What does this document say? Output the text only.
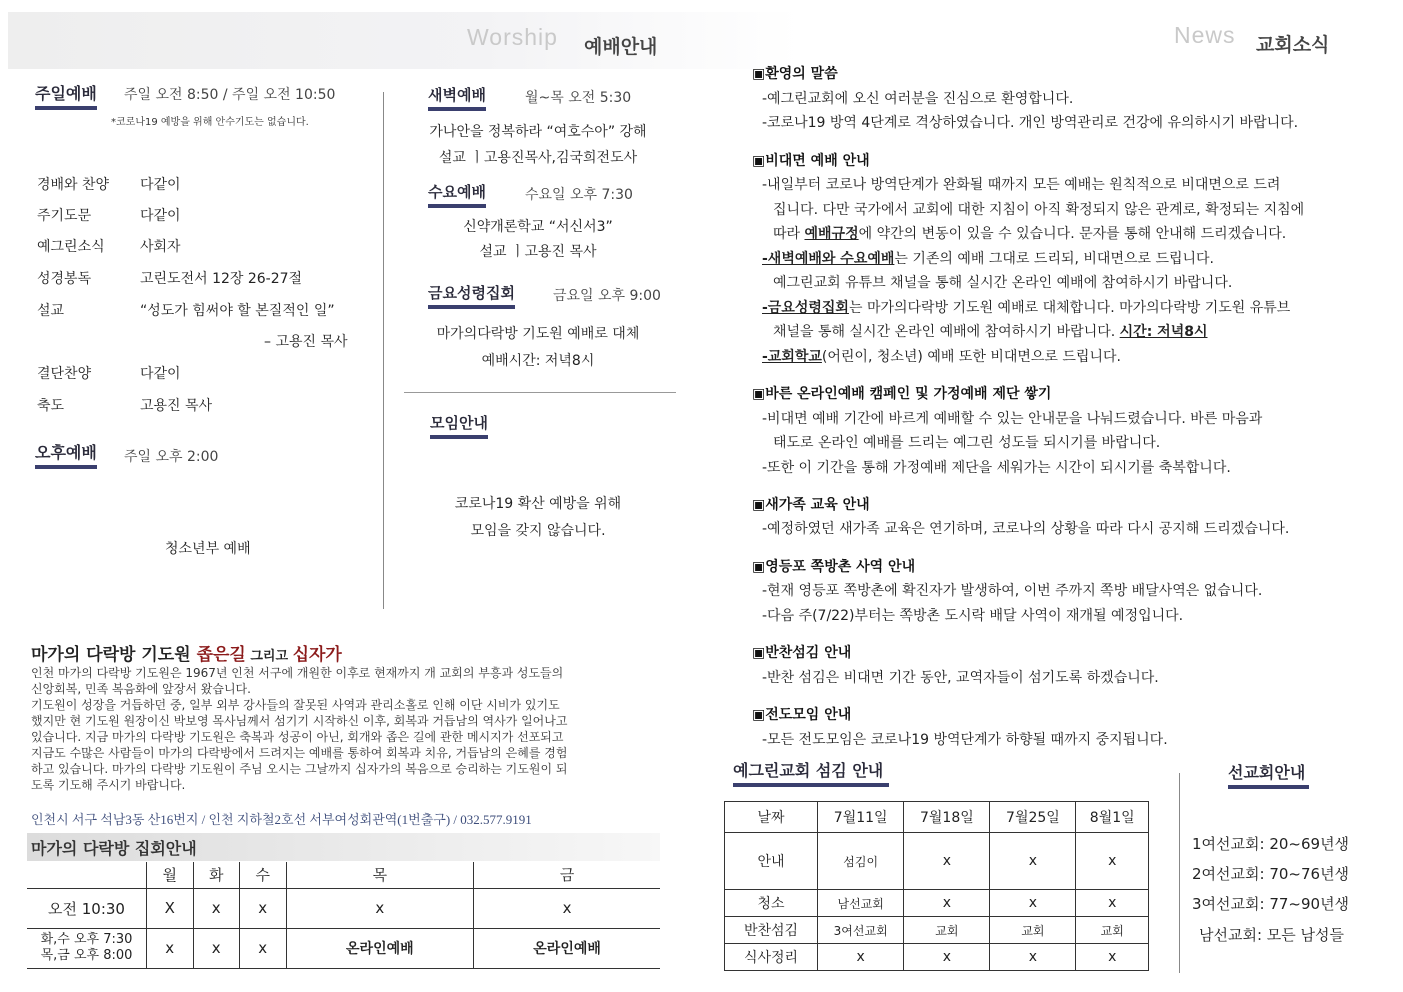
Worship 예배안내	News 교회소식
주일예배 주일 오전 8:50 / 주일 오전 10:50
*코로나19 예방을 위해 안수기도는 없습니다.
경배와 찬양 다같이
주기도문	다같이
예그린소식	사회자
성경봉독	고린도전서 12장 26-27절
설교	“성도가 힘써야 할 본질적인 일”
– 고용진 목사
결단찬양	다같이
축도	고용진 목사
오후예배 주일 오후 2:00
청소년부 예배
새벽예배	월~목 오전 5:30
가나안을 정복하라 “여호수아” 강해
설교 ㅣ고용진목사,김국희전도사
수요예배	수요일 오후 7:30
신약개론학교 “서신서3”
설교 ㅣ고용진 목사
금요성령집회	금요일 오후 9:00
마가의다락방 기도원 예배로 대체
예배시간: 저녁8시
모임안내
코로나19 확산 예방을 위해
모임을 갖지 않습니다.
마가의 다락방 기도원 좁은길 그리고 십자가
인천 마가의 다락방 기도원은 1967년 인천 서구에 개원한 이후로 현재까지 개 교회의 부흥과 성도들의
신앙회복, 민족 복음화에 앞장서 왔습니다.
기도원이 성장을 거듭하던 중, 일부 외부 강사들의 잘못된 사역과 관리소홀로 인해 이단 시비가 있기도
했지만 현 기도원 원장이신 박보영 목사님께서 섬기기 시작하신 이후, 회복과 거듭남의 역사가 일어나고
있습니다. 지금 마가의 다락방 기도원은 축복과 성공이 아닌, 회개와 좁은 길에 관한 메시지가 선포되고
지금도 수많은 사람들이 마가의 다락방에서 드려지는 예배를 통하여 회복과 치유, 거듭남의 은혜를 경험
하고 있습니다. 마가의 다락방 기도원이 주님 오시는 그날까지 십자가의 복음으로 승리하는 기도원이 되
도록 기도해 주시기 바랍니다.
인천시 서구 석남3동 산16번지 / 인천 지하철2호선 서부여성회관역(1번출구) / 032.577.9191
마가의 다락방 집회안내
	월	화	수	목	금
오전 10:30	X	x	x	x	x

화,수 오후 7:30
목,금 오후 8:00	x	x	x	온라인예배	온라인예배
▣환영의 말씀
-예그린교회에 오신 여러분을 진심으로 환영합니다.
-코로나19 방역 4단계로 격상하였습니다. 개인 방역관리로 건강에 유의하시기 바랍니다.
▣비대면 예배 안내
-내일부터 코로나 방역단계가 완화될 때까지 모든 예배는 원칙적으로 비대면으로 드려
집니다. 다만 국가에서 교회에 대한 지침이 아직 확정되지 않은 관계로, 확정되는 지침에
따라 예배규정에 약간의 변동이 있을 수 있습니다. 문자를 통해 안내해 드리겠습니다.
-새벽예배와 수요예배는 기존의 예배 그대로 드리되, 비대면으로 드립니다.
예그린교회 유튜브 채널을 통해 실시간 온라인 예배에 참여하시기 바랍니다.
-금요성령집회는 마가의다락방 기도원 예배로 대체합니다. 마가의다락방 기도원 유튜브
채널을 통해 실시간 온라인 예배에 참여하시기 바랍니다. 시간: 저녁8시
-교회학교(어린이, 청소년) 예배 또한 비대면으로 드립니다.
▣바른 온라인예배 캠페인 및 가정예배 제단 쌓기
-비대면 예배 기간에 바르게 예배할 수 있는 안내문을 나눠드렸습니다. 바른 마음과
태도로 온라인 예배를 드리는 예그린 성도들 되시기를 바랍니다.
-또한 이 기간을 통해 가정예배 제단을 세워가는 시간이 되시기를 축복합니다.
▣새가족 교육 안내
-예정하였던 새가족 교육은 연기하며, 코로나의 상황을 따라 다시 공지해 드리겠습니다.
▣영등포 쪽방촌 사역 안내
-현재 영등포 쪽방촌에 확진자가 발생하여, 이번 주까지 쪽방 배달사역은 없습니다.
-다음 주(7/22)부터는 쪽방촌 도시락 배달 사역이 재개될 예정입니다.
▣반찬섬김 안내
-반찬 섬김은 비대면 기간 동안, 교역자들이 섬기도록 하겠습니다.
▣전도모임 안내
-모든 전도모임은 코로나19 방역단계가 하향될 때까지 중지됩니다.
예그린교회 섬김 안내
날짜	7월11일	7월18일	7월25일	8월1일
안내	섬김이	x	x	x
청소	남선교회	x	x	x
반찬섬김	3여선교회	교회	교회	교회
식사정리	x	x	x	x
선교회안내
1여선교회: 20~69년생
2여선교회: 70~76년생
3여선교회: 77~90년생
남선교회: 모든 남성들
